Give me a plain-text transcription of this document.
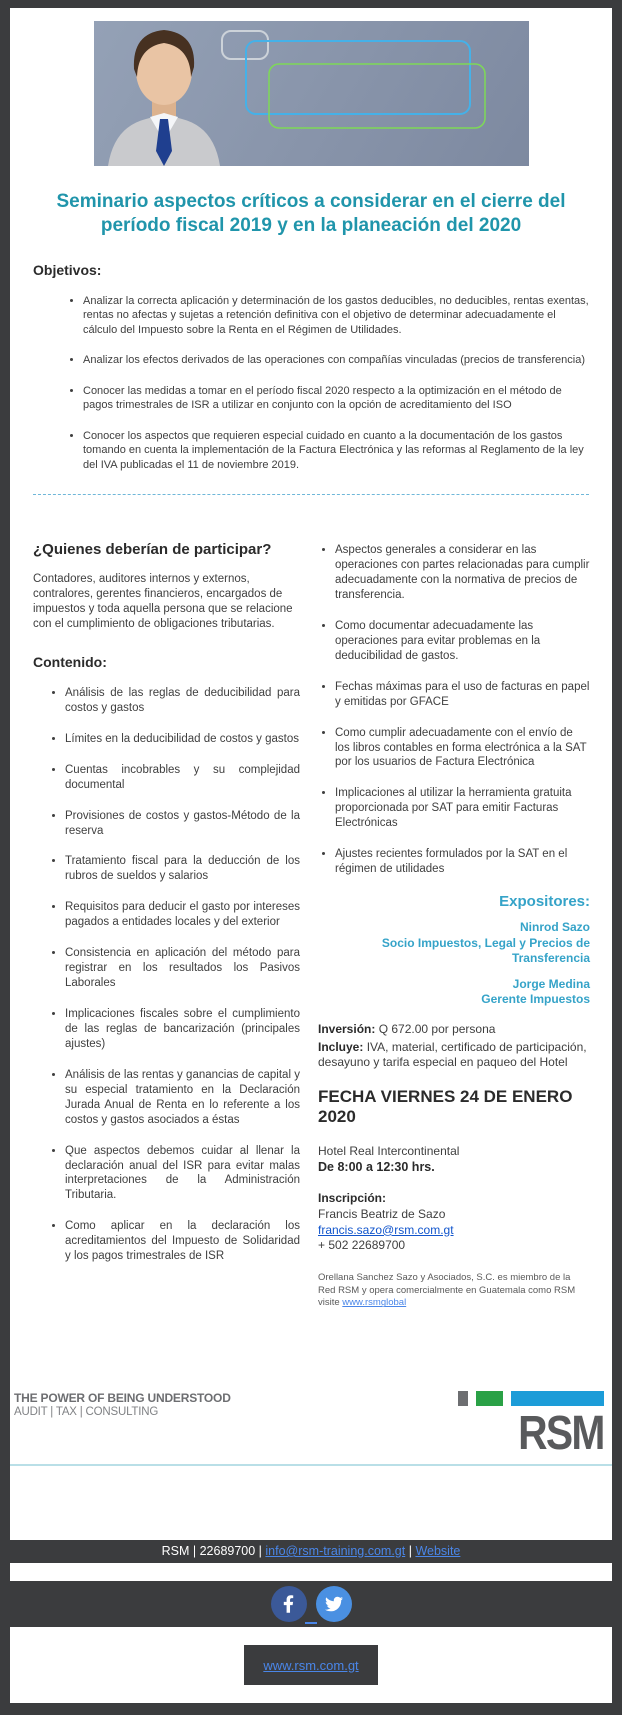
Seminario aspectos críticos a considerar en el cierre del período fiscal 2019 y en la planeación del 2020
Objetivos:
• Analizar la correcta aplicación y determinación de los gastos deducibles, no deducibles, rentas exentas, rentas no afectas y sujetas a retención definitiva con el objetivo de determinar adecuadamente el cálculo del Impuesto sobre la Renta en el Régimen de Utilidades.
• Analizar los efectos derivados de las operaciones con compañías vinculadas (precios de transferencia)
• Conocer las medidas a tomar en el período fiscal 2020 respecto a la optimización en el método de pagos trimestrales de ISR a utilizar en conjunto con la opción de acreditamiento del ISO
• Conocer los aspectos que requieren especial cuidado en cuanto a la documentación de los gastos tomando en cuenta la implementación de la Factura Electrónica y las reformas al Reglamento de la ley del IVA publicadas el 11 de noviembre 2019.
¿Quienes deberían de participar?

Contadores, auditores internos y externos, contralores, gerentes financieros, encargados de impuestos y toda aquella persona que se relacione con el cumplimiento de obligaciones tributarias.

Contenido:
• Análisis de las reglas de deducibilidad para costos y gastos
• Límites en la deducibilidad de costos y gastos
• Cuentas incobrables y su complejidad documental
• Provisiones de costos y gastos-Método de la reserva
• Tratamiento fiscal para la deducción de los rubros de sueldos y salarios
• Requisitos para deducir el gasto por intereses pagados a entidades locales y del exterior
• Consistencia en aplicación del método para registrar en los resultados los Pasivos Laborales
• Implicaciones fiscales sobre el cumplimiento de las reglas de bancarización (principales ajustes)
• Análisis de las rentas y ganancias de capital y su especial tratamiento en la Declaración Jurada Anual de Renta en lo referente a los costos y gastos asociados a éstas
• Que aspectos debemos cuidar al llenar la declaración anual del ISR para evitar malas interpretaciones de la Administración Tributaria.
• Como aplicar en la declaración los acreditamientos del Impuesto de Solidaridad y los pagos trimestrales de ISR
• Aspectos generales a considerar en las operaciones con partes relacionadas para cumplir adecuadamente con la normativa de precios de transferencia.
• Como documentar adecuadamente las operaciones para evitar problemas en la deducibilidad de gastos.
• Fechas máximas para el uso de facturas en papel y emitidas por GFACE
• Como cumplir adecuadamente con el envío de los libros contables en forma electrónica a la SAT por los usuarios de Factura Electrónica
• Implicaciones al utilizar la herramienta gratuita proporcionada por SAT para emitir Facturas Electrónicas
• Ajustes recientes formulados por la SAT en el régimen de utilidades
Expositores:
Ninrod Sazo
Socio Impuestos, Legal y Precios de Transferencia
Jorge Medina
Gerente Impuestos
Inversión: Q 672.00 por persona
Incluye: IVA, material, certificado de participación, desayuno y tarifa especial en paqueo del Hotel
FECHA VIERNES 24 DE ENERO 2020
Hotel Real Intercontinental
De 8:00 a 12:30 hrs.
Inscripción:
Francis Beatriz de Sazo
francis.sazo@rsm.com.gt
+ 502 22689700
Orellana Sanchez Sazo y Asociados, S.C. es miembro de la Red RSM y opera comercialmente en Guatemala como RSM visite www.rsmglobal
THE POWER OF BEING UNDERSTOOD
AUDIT | TAX | CONSULTING	RSM
RSM | 22689700 | info@rsm-training.com.gt | Website
www.rsm.com.gt
